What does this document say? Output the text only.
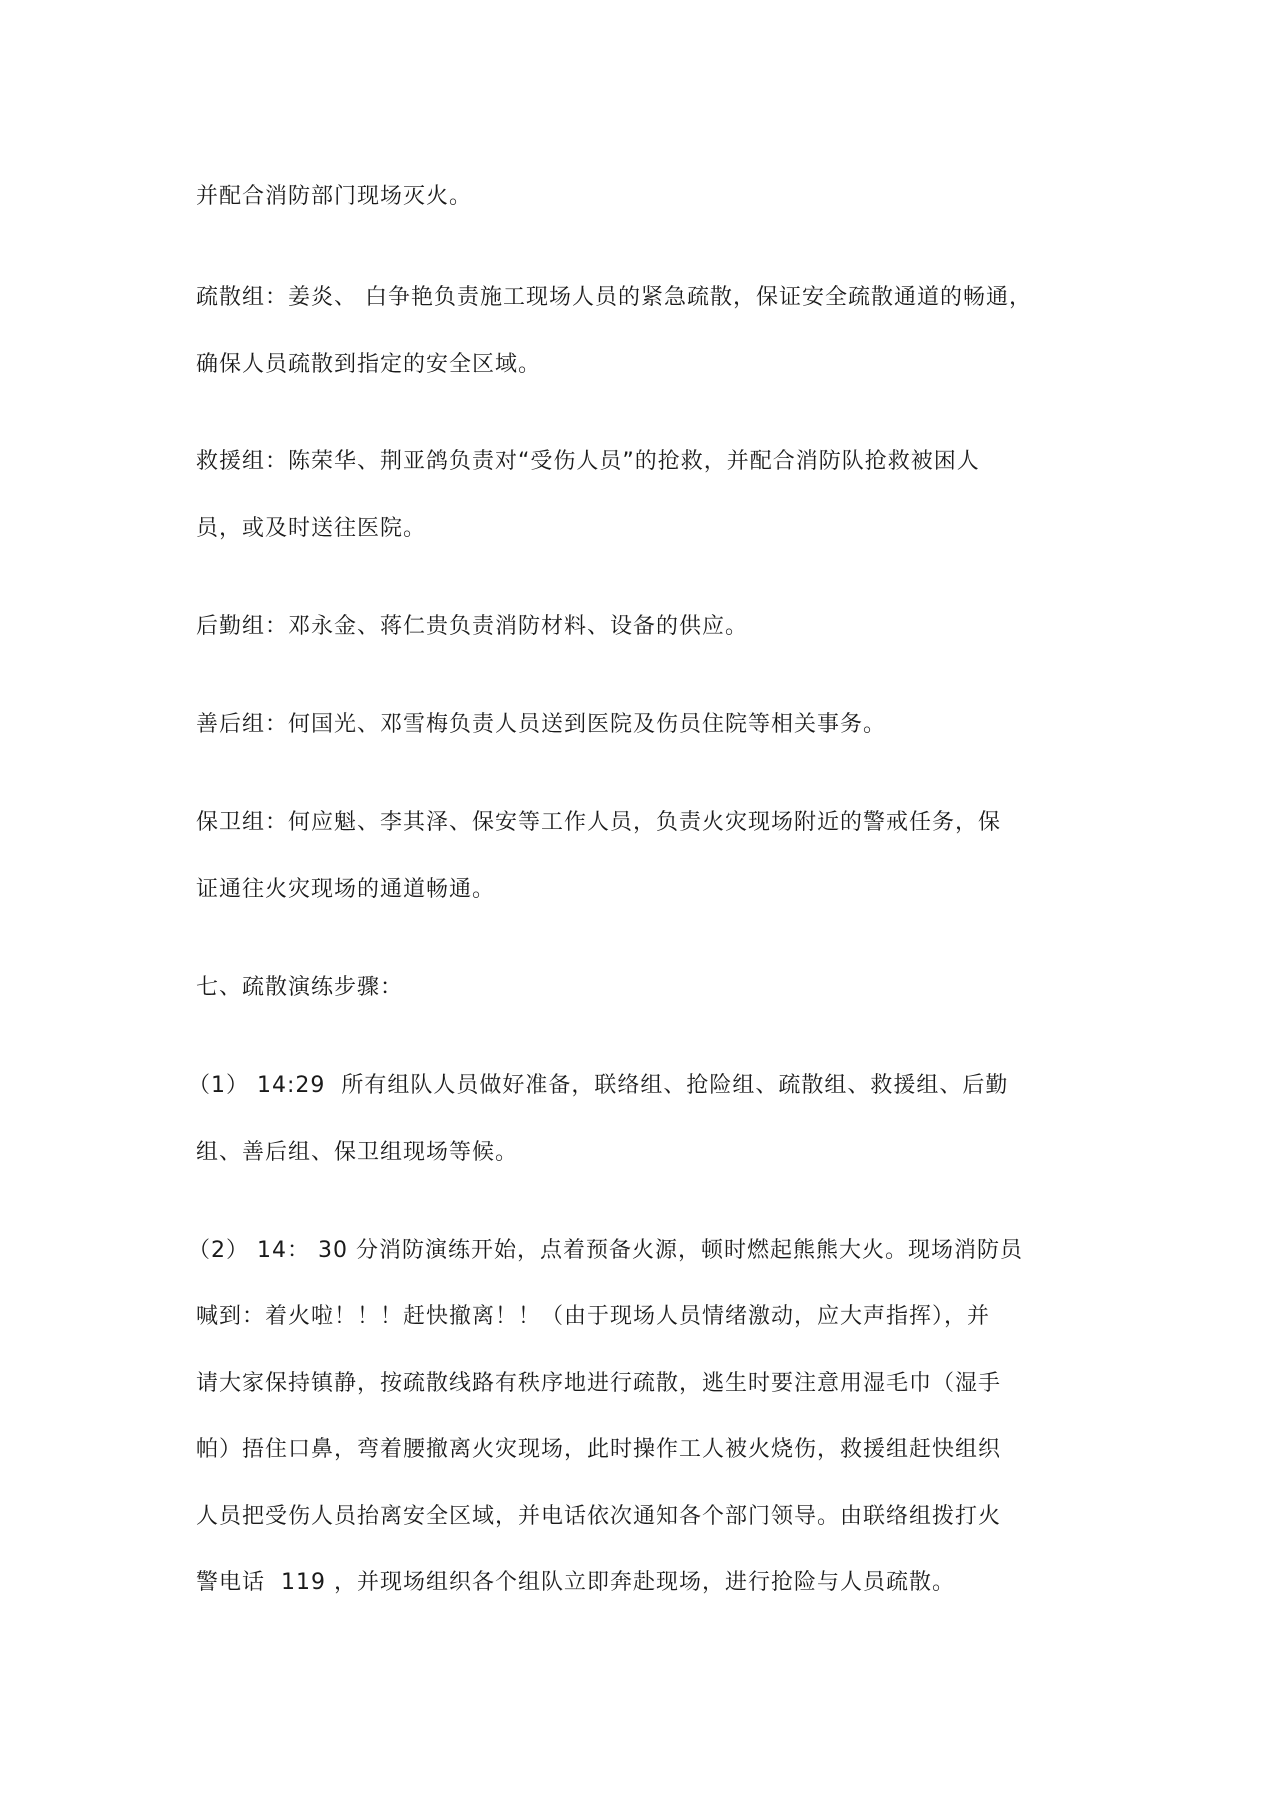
并配合消防部门现场灭火。
疏散组：姜炎、 白争艳负责施工现场人员的紧急疏散，保证安全疏散通道的畅通，
确保人员疏散到指定的安全区域。
救援组：陈荣华、荆亚鸽负责对“受伤人员”的抢救，并配合消防队抢救被困人
员，或及时送往医院。
后勤组：邓永金、蒋仁贵负责消防材料、设备的供应。
善后组：何国光、邓雪梅负责人员送到医院及伤员住院等相关事务。
保卫组：何应魁、李其泽、保安等工作人员，负责火灾现场附近的警戒任务，保
证通往火灾现场的通道畅通。
七、疏散演练步骤：
（1） 14:29  所有组队人员做好准备，联络组、抢险组、疏散组、救援组、后勤
组、善后组、保卫组现场等候。
（2） 14： 30 分消防演练开始，点着预备火源，顿时燃起熊熊大火。现场消防员
喊到：着火啦！！！赶快撤离！！（由于现场人员情绪激动，应大声指挥），并
请大家保持镇静，按疏散线路有秩序地进行疏散，逃生时要注意用湿毛巾（湿手
帕）捂住口鼻，弯着腰撤离火灾现场，此时操作工人被火烧伤，救援组赶快组织
人员把受伤人员抬离安全区域，并电话依次通知各个部门领导。由联络组拨打火
警电话  119 ，并现场组织各个组队立即奔赴现场，进行抢险与人员疏散。
